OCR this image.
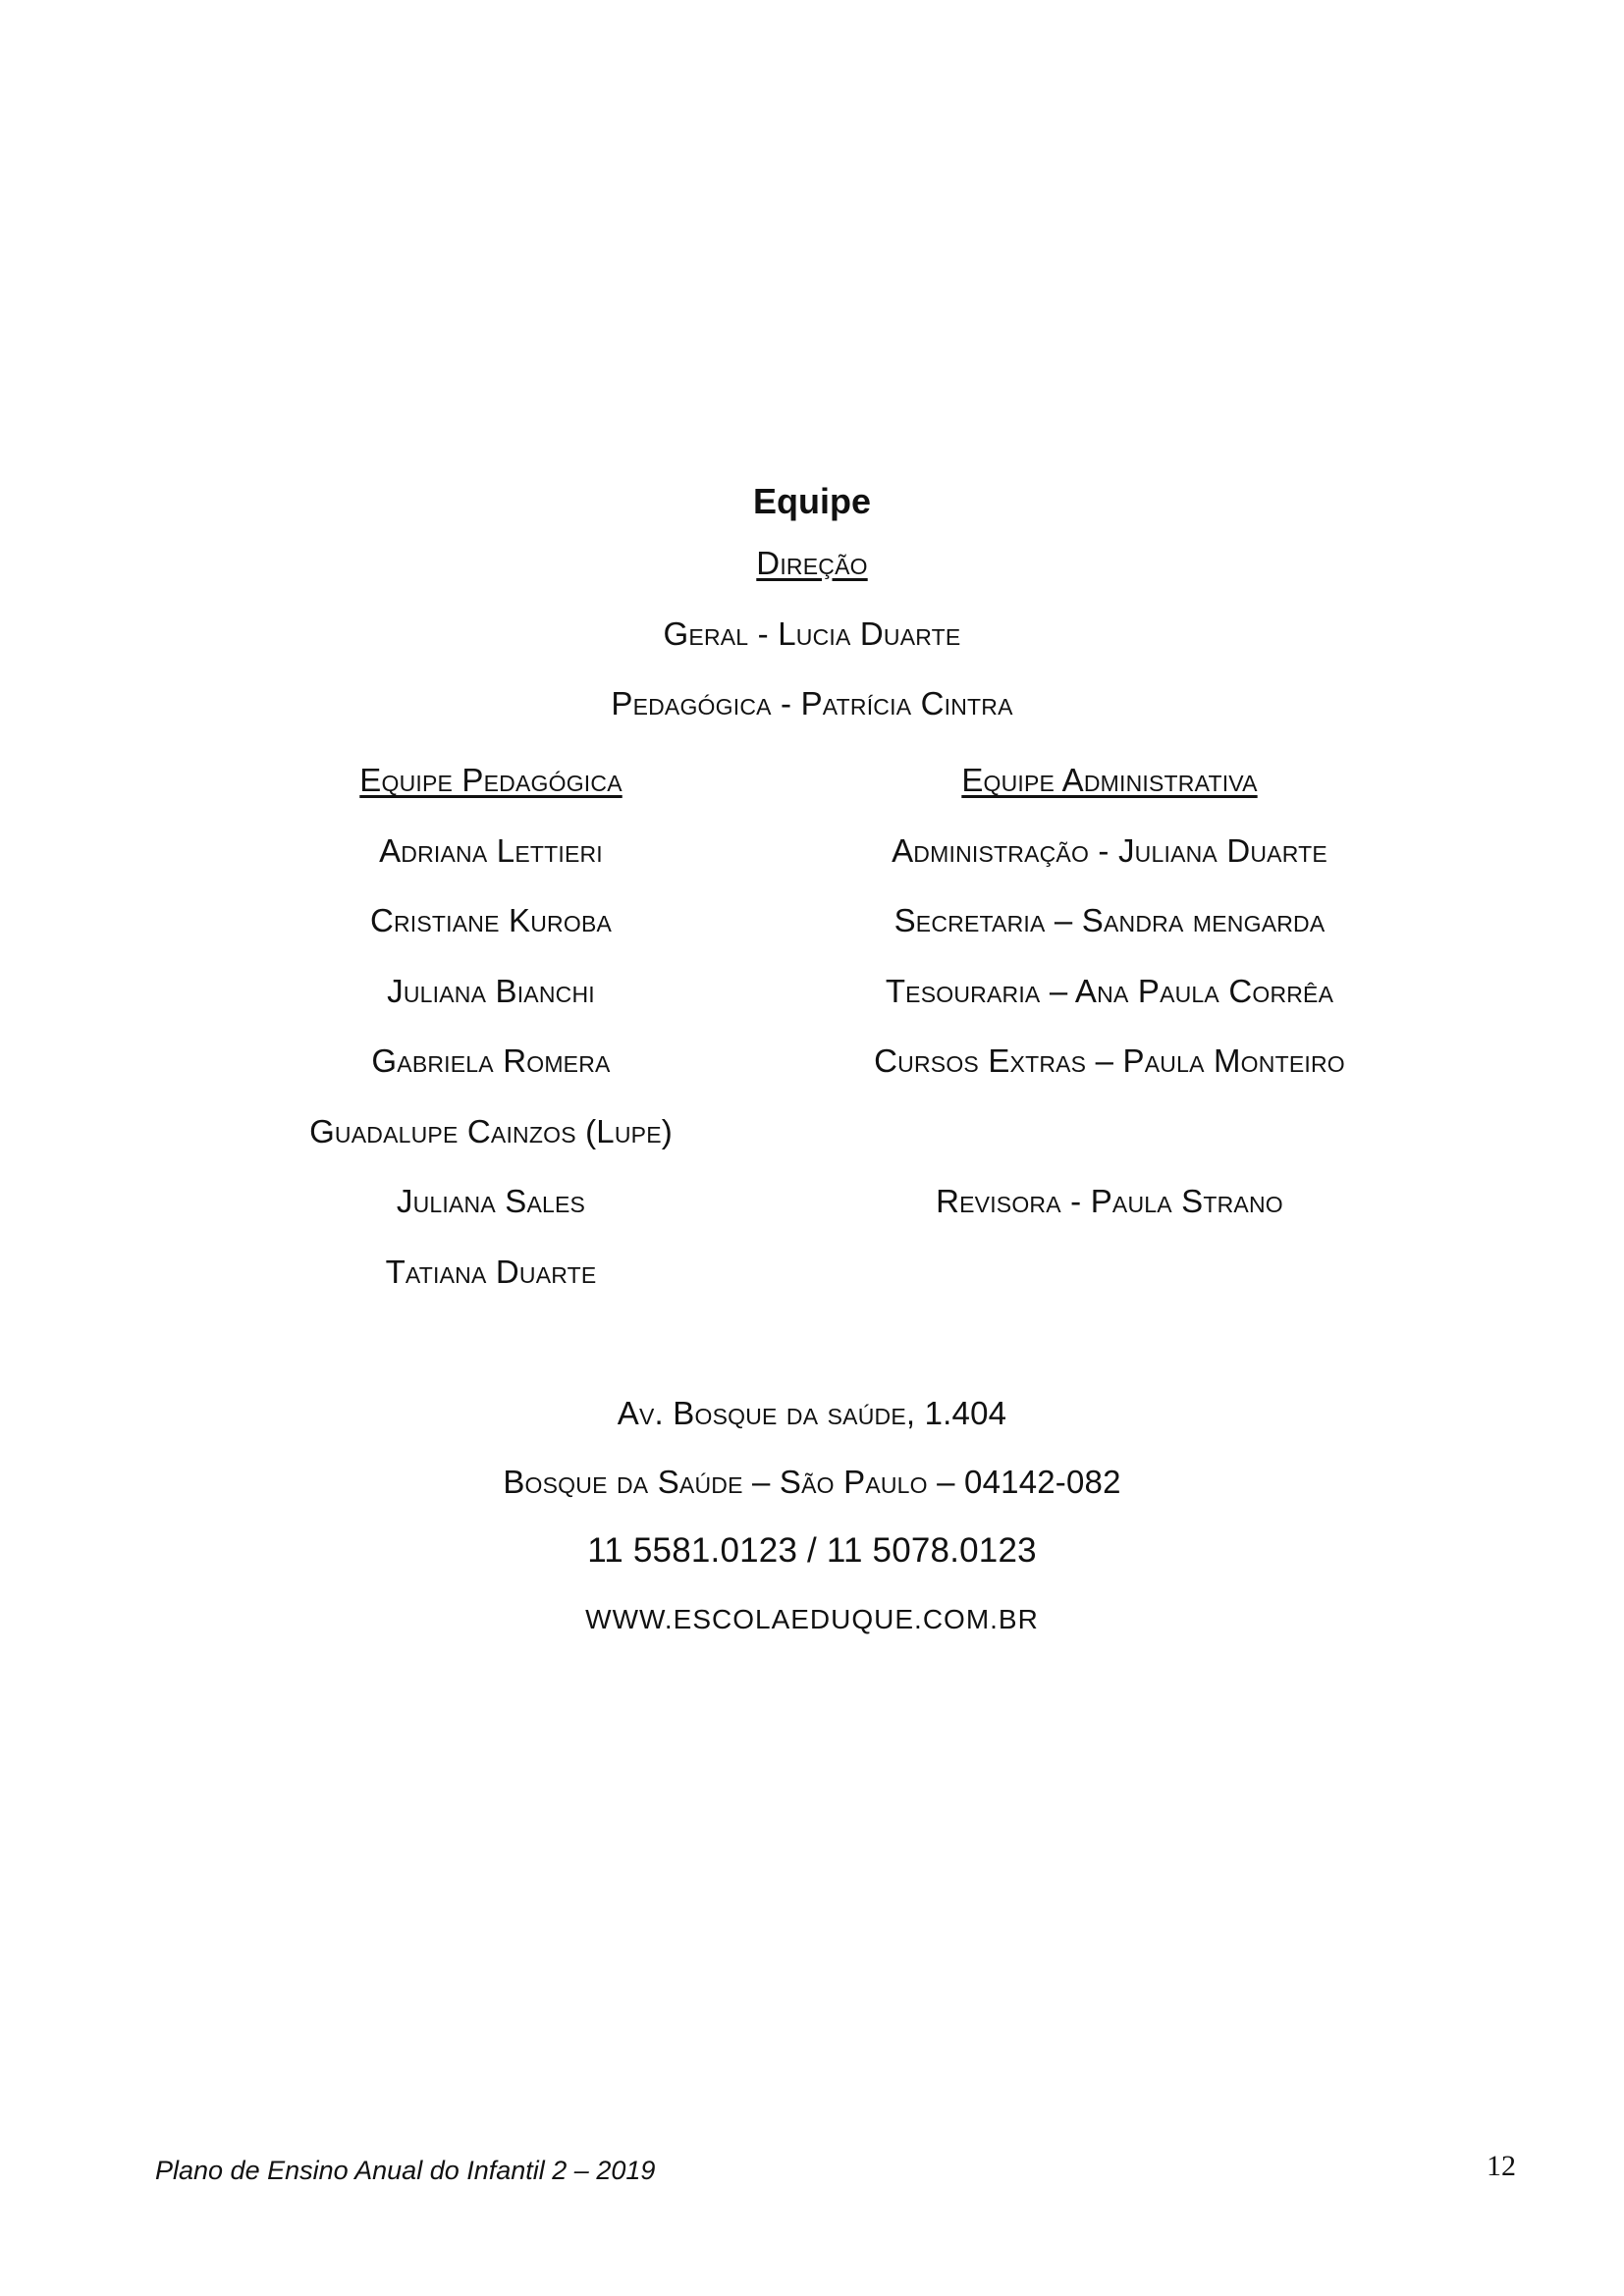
Equipe
Direção
Geral - Lucia Duarte
Pedagógica - Patrícia Cintra
Equipe Pedagógica
Adriana Lettieri
Cristiane Kuroba
Juliana Bianchi
Gabriela Romera
Guadalupe Cainzos (Lupe)
Juliana Sales
Tatiana Duarte
Equipe Administrativa
Administração - Juliana Duarte
Secretaria – Sandra mengarda
Tesouraria – Ana Paula Corrêa
Cursos Extras – Paula Monteiro
Revisora - Paula Strano
Av. Bosque da saúde, 1.404
Bosque da Saúde – São Paulo – 04142-082
11 5581.0123 / 11 5078.0123
WWW.ESCOLAEDUQUE.COM.BR
Plano de Ensino Anual do Infantil 2 – 2019	12
